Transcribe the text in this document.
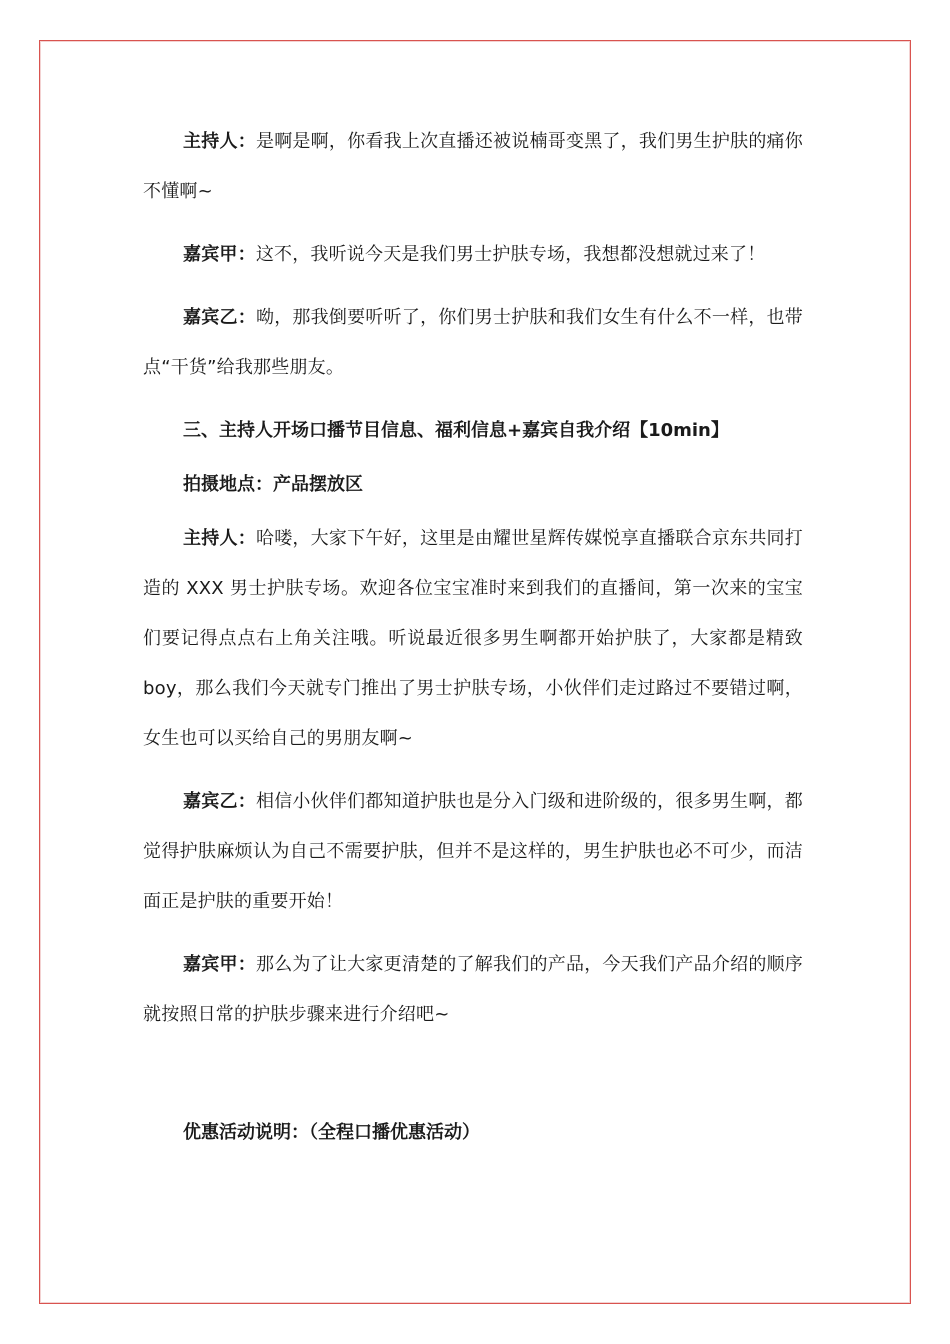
主持人：是啊是啊，你看我上次直播还被说楠哥变黑了，我们男生护肤的痛你不懂啊~

嘉宾甲：这不，我听说今天是我们男士护肤专场，我想都没想就过来了！

嘉宾乙：呦，那我倒要听听了，你们男士护肤和我们女生有什么不一样，也带点“干货”给我那些朋友。

三、主持人开场口播节目信息、福利信息+嘉宾自我介绍【10min】

拍摄地点：产品摆放区

主持人：哈喽，大家下午好，这里是由耀世星辉传媒悦享直播联合京东共同打造的 XXX 男士护肤专场。欢迎各位宝宝准时来到我们的直播间，第一次来的宝宝们要记得点点右上角关注哦。听说最近很多男生啊都开始护肤了，大家都是精致 boy，那么我们今天就专门推出了男士护肤专场，小伙伴们走过路过不要错过啊，女生也可以买给自己的男朋友啊~

嘉宾乙：相信小伙伴们都知道护肤也是分入门级和进阶级的，很多男生啊，都觉得护肤麻烦认为自己不需要护肤，但并不是这样的，男生护肤也必不可少，而洁面正是护肤的重要开始！

嘉宾甲：那么为了让大家更清楚的了解我们的产品，今天我们产品介绍的顺序就按照日常的护肤步骤来进行介绍吧~

优惠活动说明：（全程口播优惠活动）
